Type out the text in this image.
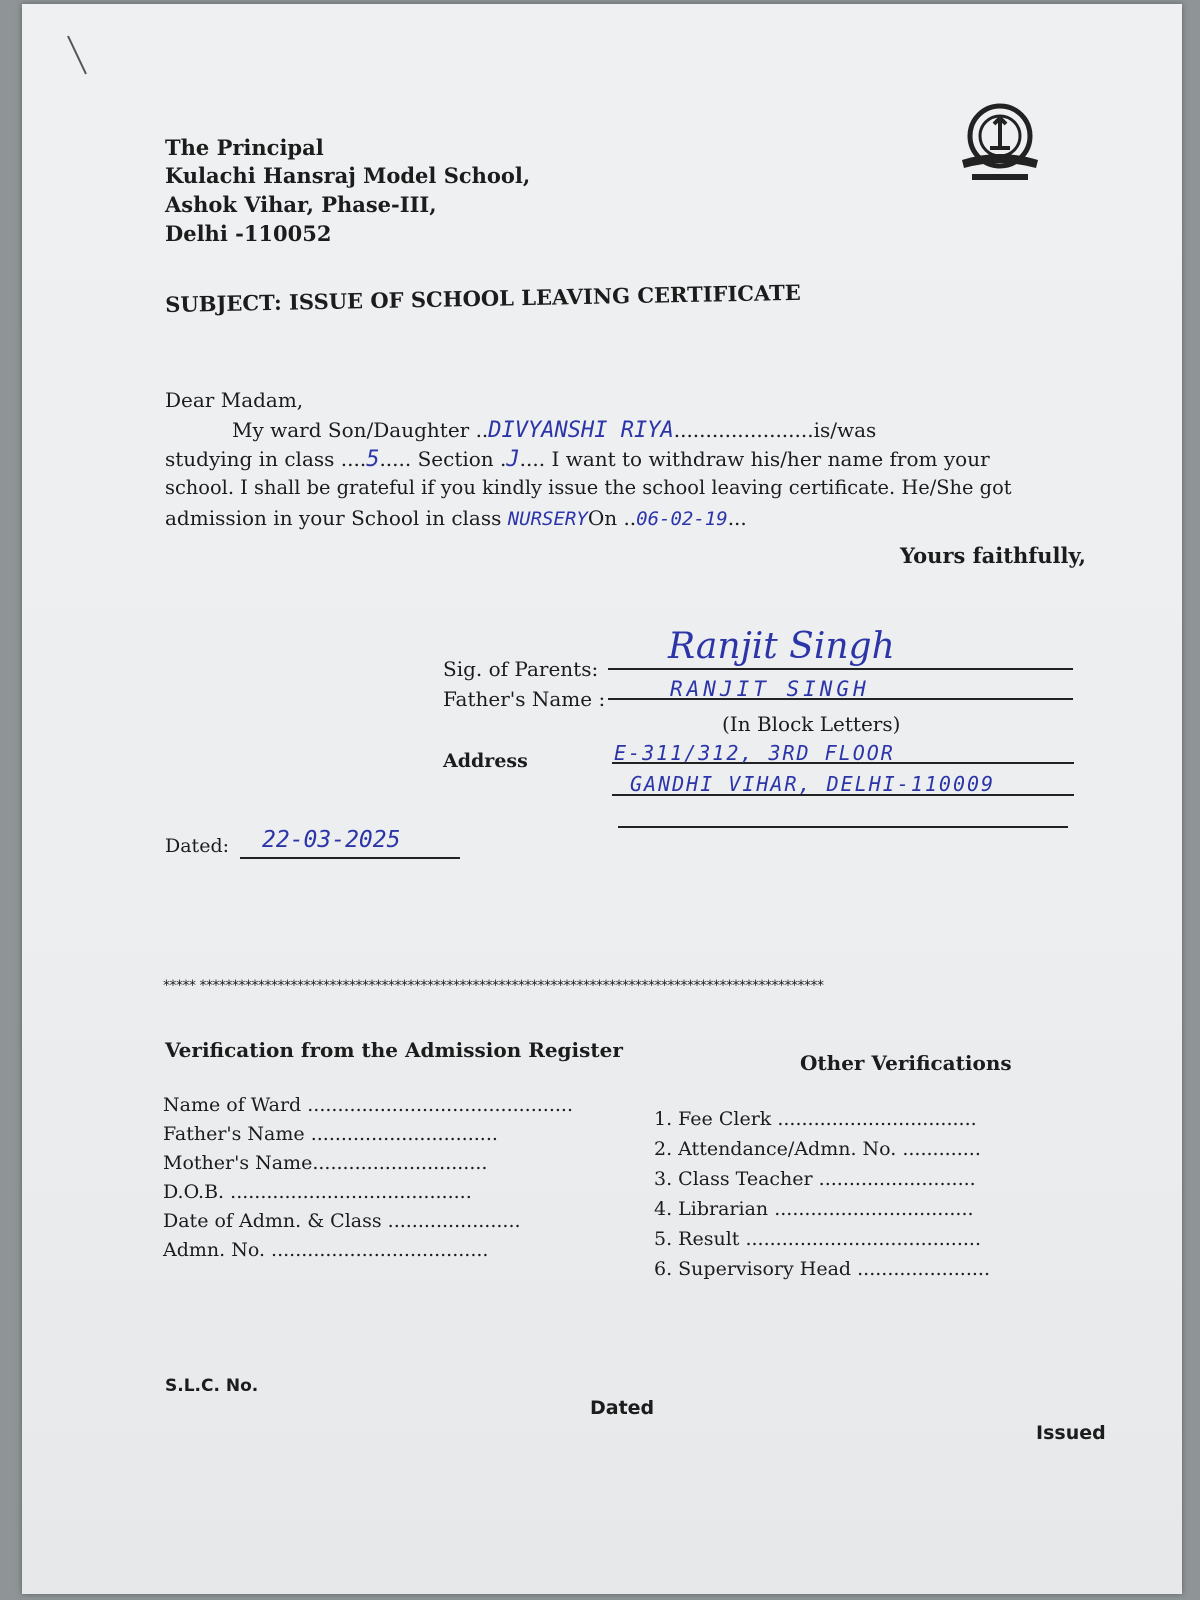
The Principal
Kulachi Hansraj Model School,
Ashok Vihar, Phase-III,
Delhi -110052
SUBJECT: ISSUE OF SCHOOL LEAVING CERTIFICATE
Dear Madam,
My ward Son/Daughter ..DIVYANSHI RIYA......................is/was
studying in class ....5..... Section .J.... I want to withdraw his/her name from your
school. I shall be grateful if you kindly issue the school leaving certificate. He/She got
admission in your School in class NURSERYOn ..06-02-19...
Yours faithfully,
Sig. of Parents:
Ranjit Singh
Father's Name :	RANJIT SINGH
(In Block Letters)
Address	E-311/312, 3RD FLOOR
GANDHI VIHAR, DELHI-110009
Dated: 22-03-2025
***** ************************************************************************************************
Verification from the Admission Register
Name of Ward ............................................
Father's Name ...............................
Mother's Name.............................
D.O.B. ........................................
Date of Admn. & Class ......................
Admn. No. ....................................
Other Verifications
1. Fee Clerk .................................
2. Attendance/Admn. No. .............
3. Class Teacher ..........................
4. Librarian .................................
5. Result .......................................
6. Supervisory Head ......................
S.L.C. No.
Dated
Issued
